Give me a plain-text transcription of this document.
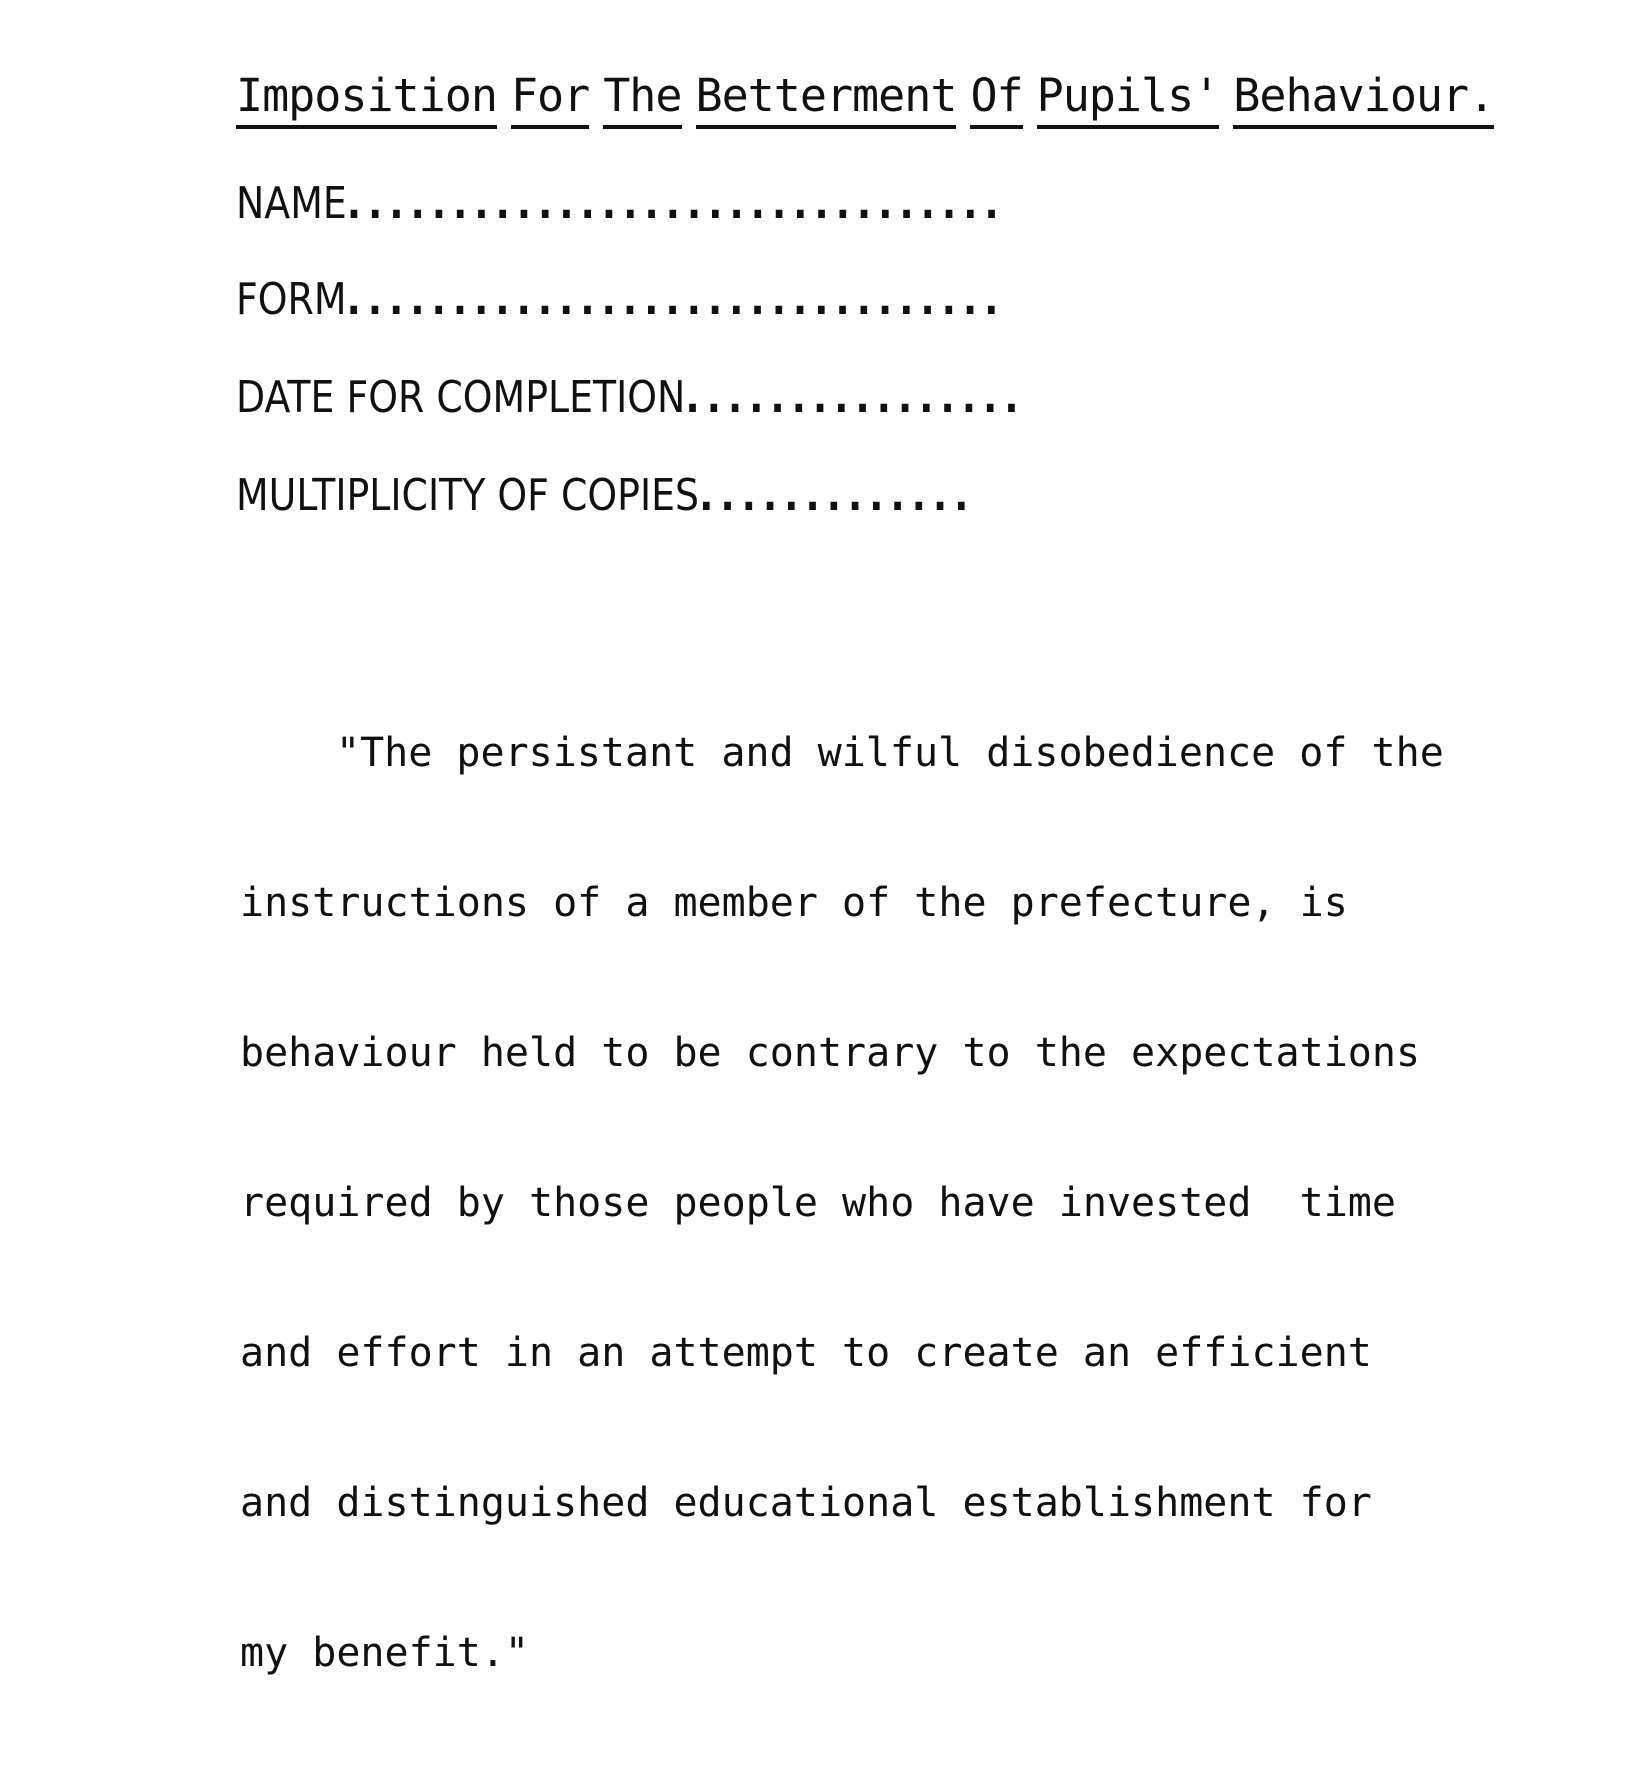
Imposition For The Betterment Of Pupils' Behaviour.
NAME...............................
FORM...............................
DATE FOR COMPLETION................
MULTIPLICITY OF COPIES.............

"The persistant and wilful disobedience of the

instructions of a member of the prefecture, is

behaviour held to be contrary to the expectations

required by those people who have invested  time

and effort in an attempt to create an efficient

and distinguished educational establishment for

my benefit."
